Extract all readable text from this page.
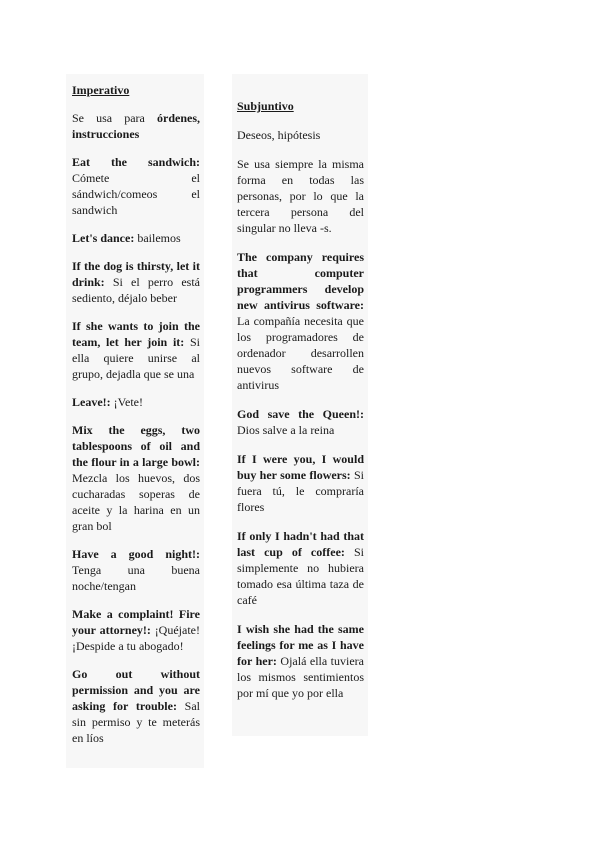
Imperativo
Se usa para órdenes, instrucciones
Eat the sandwich: Cómete el sándwich/comeos el sandwich
Let's dance: bailemos
If the dog is thirsty, let it drink: Si el perro está sediento, déjalo beber
If she wants to join the team, let her join it: Si ella quiere unirse al grupo, dejadla que se una
Leave!: ¡Vete!
Mix the eggs, two tablespoons of oil and the flour in a large bowl: Mezcla los huevos, dos cucharadas soperas de aceite y la harina en un gran bol
Have a good night!: Tenga una buena noche/tengan
Make a complaint! Fire your attorney!: ¡Quéjate!¡Despide a tu abogado!
Go out without permission and you are asking for trouble: Sal sin permiso y te meterás en líos
Subjuntivo
Deseos, hipótesis
Se usa siempre la misma forma en todas las personas, por lo que la tercera persona del singular no lleva -s.
The company requires that computer programmers develop new antivirus software: La compañía necesita que los programadores de ordenador desarrollen nuevos software de antivirus
God save the Queen!: Dios salve a la reina
If I were you, I would buy her some flowers: Si fuera tú, le compraría flores
If only I hadn't had that last cup of coffee: Si simplemente no hubiera tomado esa última taza de café
I wish she had the same feelings for me as I have for her: Ojalá ella tuviera los mismos sentimientos por mí que yo por ella
